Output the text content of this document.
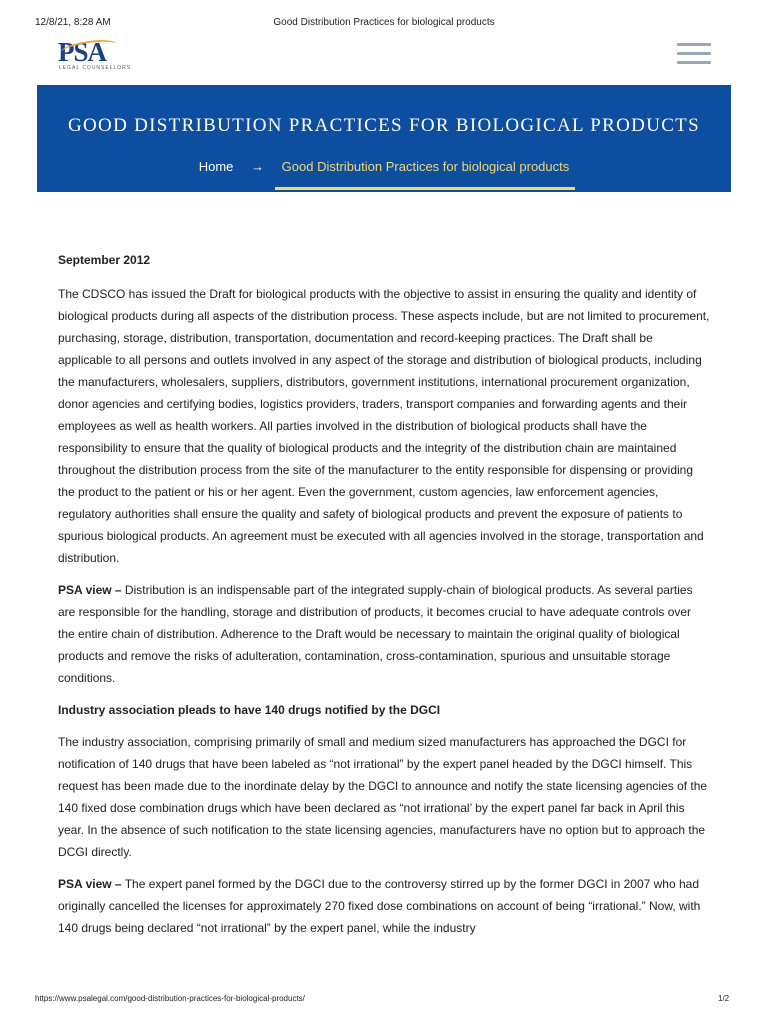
12/8/21, 8:28 AM	Good Distribution Practices for biological products
PSA
LEGAL COUNSELLORS
GOOD DISTRIBUTION PRACTICES FOR BIOLOGICAL PRODUCTS
Home → Good Distribution Practices for biological products

September 2012

The CDSCO has issued the Draft for biological products with the objective to assist in ensuring the quality and identity of biological products during all aspects of the distribution process. These aspects include, but are not limited to procurement, purchasing, storage, distribution, transportation, documentation and record-keeping practices. The Draft shall be applicable to all persons and outlets involved in any aspect of the storage and distribution of biological products, including the manufacturers, wholesalers, suppliers, distributors, government institutions, international procurement organization, donor agencies and certifying bodies, logistics providers, traders, transport companies and forwarding agents and their employees as well as health workers. All parties involved in the distribution of biological products shall have the responsibility to ensure that the quality of biological products and the integrity of the distribution chain are maintained throughout the distribution process from the site of the manufacturer to the entity responsible for dispensing or providing the product to the patient or his or her agent. Even the government, custom agencies, law enforcement agencies, regulatory authorities shall ensure the quality and safety of biological products and prevent the exposure of patients to spurious biological products. An agreement must be executed with all agencies involved in the storage, transportation and distribution.

PSA view – Distribution is an indispensable part of the integrated supply-chain of biological products. As several parties are responsible for the handling, storage and distribution of products, it becomes crucial to have adequate controls over the entire chain of distribution. Adherence to the Draft would be necessary to maintain the original quality of biological products and remove the risks of adulteration, contamination, cross-contamination, spurious and unsuitable storage conditions.

Industry association pleads to have 140 drugs notified by the DGCI

The industry association, comprising primarily of small and medium sized manufacturers has approached the DGCI for notification of 140 drugs that have been labeled as “not irrational” by the expert panel headed by the DGCI himself. This request has been made due to the inordinate delay by the DGCI to announce and notify the state licensing agencies of the 140 fixed dose combination drugs which have been declared as “not irrational’ by the expert panel far back in April this year. In the absence of such notification to the state licensing agencies, manufacturers have no option but to approach the DCGI directly.

PSA view – The expert panel formed by the DGCI due to the controversy stirred up by the former DGCI in 2007 who had originally cancelled the licenses for approximately 270 fixed dose combinations on account of being “irrational.” Now, with 140 drugs being declared “not irrational” by the expert panel, while the industry

https://www.psalegal.com/good-distribution-practices-for-biological-products/	1/2
